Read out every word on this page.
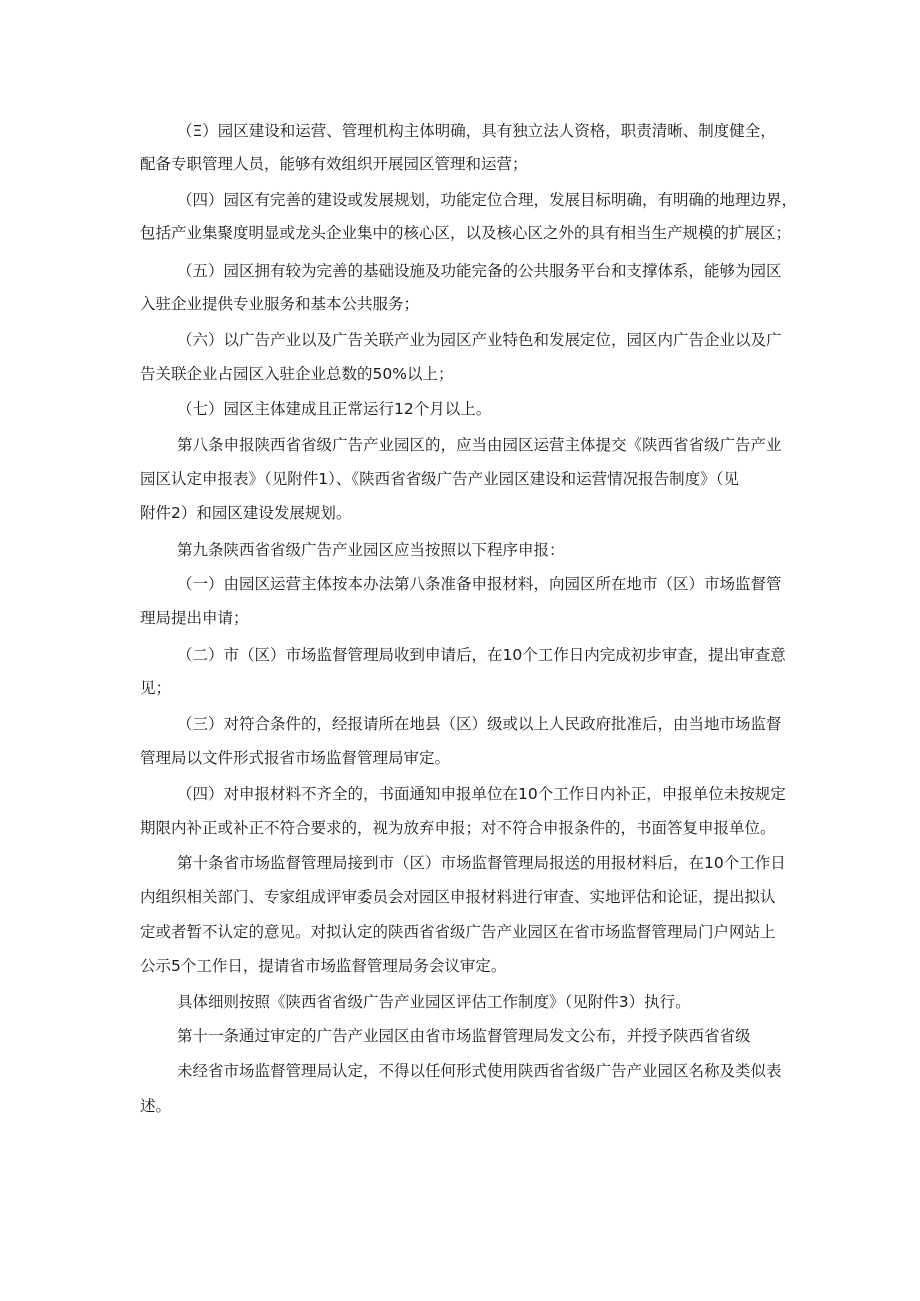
（Ξ）园区建设和运营、管理机构主体明确，具有独立法人资格，职责清晰、制度健全，
配备专职管理人员，能够有效组织开展园区管理和运营；
（四）园区有完善的建设或发展规划，功能定位合理，发展目标明确，有明确的地理边界，
包括产业集聚度明显或龙头企业集中的核心区，以及核心区之外的具有相当生产规模的扩展区；
（五）园区拥有较为完善的基础设施及功能完备的公共服务平台和支撑体系，能够为园区
入驻企业提供专业服务和基本公共服务；
（六）以广告产业以及广告关联产业为园区产业特色和发展定位，园区内广告企业以及广
告关联企业占园区入驻企业总数的50%以上；
（七）园区主体建成且正常运行12个月以上。
第八条申报陕西省省级广告产业园区的，应当由园区运营主体提交《陕西省省级广告产业
园区认定申报表》（见附件1）、《陕西省省级广告产业园区建设和运营情况报告制度》（见
附件2）和园区建设发展规划。
第九条陕西省省级广告产业园区应当按照以下程序申报：
（一）由园区运营主体按本办法第八条准备申报材料，向园区所在地市（区）市场监督管
理局提出申请；
（二）市（区）市场监督管理局收到申请后，在10个工作日内完成初步审查，提出审查意
见；
（三）对符合条件的，经报请所在地县（区）级或以上人民政府批准后，由当地市场监督
管理局以文件形式报省市场监督管理局审定。
（四）对申报材料不齐全的，书面通知申报单位在10个工作日内补正，申报单位未按规定
期限内补正或补正不符合要求的，视为放弃申报；对不符合申报条件的，书面答复申报单位。
第十条省市场监督管理局接到市（区）市场监督管理局报送的用报材料后，在10个工作日
内组织相关部门、专家组成评审委员会对园区申报材料进行审查、实地评估和论证，提出拟认
定或者暂不认定的意见。对拟认定的陕西省省级广告产业园区在省市场监督管理局门户网站上
公示5个工作日，提请省市场监督管理局务会议审定。
具体细则按照《陕西省省级广告产业园区评估工作制度》（见附件3）执行。
第十一条通过审定的广告产业园区由省市场监督管理局发文公布，并授予陕西省省级
未经省市场监督管理局认定，不得以任何形式使用陕西省省级广告产业园区名称及类似表
述。
